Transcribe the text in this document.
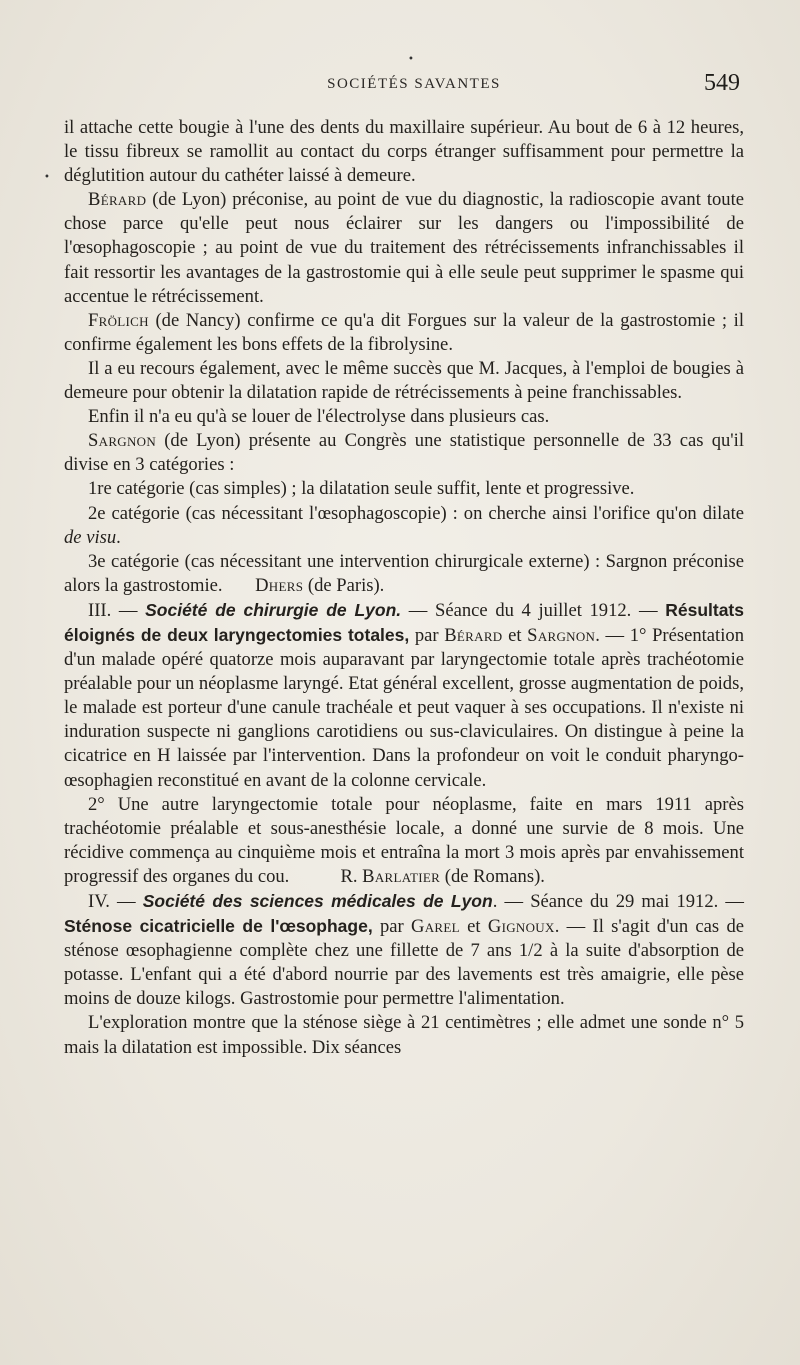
•
SOCIÉTÉS SAVANTES	549
•

il attache cette bougie à l'une des dents du maxillaire supérieur. Au bout de 6 à 12 heures, le tissu fibreux se ramollit au contact du corps étranger suffisamment pour permettre la déglutition autour du cathéter laissé à demeure.

Bérard (de Lyon) préconise, au point de vue du diagnostic, la radioscopie avant toute chose parce qu'elle peut nous éclairer sur les dangers ou l'impossibilité de l'œsophagoscopie ; au point de vue du traitement des rétrécissements infranchissables il fait ressortir les avantages de la gastrostomie qui à elle seule peut supprimer le spasme qui accentue le rétrécissement.

Frölich (de Nancy) confirme ce qu'a dit Forgues sur la valeur de la gastrostomie ; il confirme également les bons effets de la fibrolysine.

Il a eu recours également, avec le même succès que M. Jacques, à l'emploi de bougies à demeure pour obtenir la dilatation rapide de rétrécissements à peine franchissables.

Enfin il n'a eu qu'à se louer de l'électrolyse dans plusieurs cas.

Sargnon (de Lyon) présente au Congrès une statistique personnelle de 33 cas qu'il divise en 3 catégories :

1re catégorie (cas simples) ; la dilatation seule suffit, lente et progressive.

2e catégorie (cas nécessitant l'œsophagoscopie) : on cherche ainsi l'orifice qu'on dilate de visu.

3e catégorie (cas nécessitant une intervention chirurgicale externe) : Sargnon préconise alors la gastrostomie. Dhers (de Paris).

III. — Société de chirurgie de Lyon. — Séance du 4 juillet 1912. — Résultats éloignés de deux laryngectomies totales, par Bérard et Sargnon. — 1° Présentation d'un malade opéré quatorze mois auparavant par laryngectomie totale après trachéotomie préalable pour un néoplasme laryngé. Etat général excellent, grosse augmentation de poids, le malade est porteur d'une canule trachéale et peut vaquer à ses occupations. Il n'existe ni induration suspecte ni ganglions carotidiens ou sus-claviculaires. On distingue à peine la cicatrice en H laissée par l'intervention. Dans la profondeur on voit le conduit pharyngo-œsophagien reconstitué en avant de la colonne cervicale.

2° Une autre laryngectomie totale pour néoplasme, faite en mars 1911 après trachéotomie préalable et sous-anesthésie locale, a donné une survie de 8 mois. Une récidive commença au cinquième mois et entraîna la mort 3 mois après par envahissement progressif des organes du cou.	R. Barlatier (de Romans).

IV. — Société des sciences médicales de Lyon. — Séance du 29 mai 1912. — Sténose cicatricielle de l'œsophage, par Garel et Gignoux. — Il s'agit d'un cas de sténose œsophagienne complète chez une fillette de 7 ans 1/2 à la suite d'absorption de potasse. L'enfant qui a été d'abord nourrie par des lavements est très amaigrie, elle pèse moins de douze kilogs. Gastrostomie pour permettre l'alimentation.

L'exploration montre que la sténose siège à 21 centimètres ; elle admet une sonde n° 5 mais la dilatation est impossible. Dix séances
